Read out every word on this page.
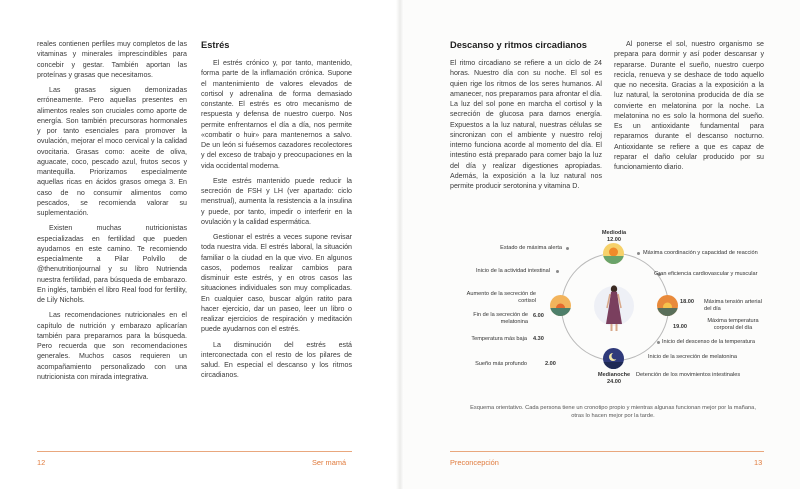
reales contienen perfiles muy completos de las vitaminas y minerales imprescindibles para concebir y gestar. También aportan las proteínas y grasas que necesitamos.

Las grasas siguen demonizadas erróneamente. Pero aquellas presentes en alimentos reales son cruciales como aporte de energía. Son también precursoras hormonales y por tanto esenciales para promover la ovulación, mejorar el moco cervical y la calidad ovocitaria. Grasas como: aceite de oliva, aguacate, coco, pescado azul, frutos secos y mantequilla. Priorizamos especialmente aquellas ricas en ácidos grasos omega 3. En caso de no consumir alimentos como pescados, se recomienda valorar su suplementación.

Existen muchas nutricionistas especializadas en fertilidad que pueden ayudarnos en este camino. Te recomiendo especialmente a Pilar Polvillo de @thenutritionjournal y su libro Nutrienda nuestra fertilidad, para búsqueda de embarazo. En inglés, también el libro Real food for fertility, de Lily Nichols.

Las recomendaciones nutricionales en el capítulo de nutrición y embarazo aplicarían también para prepararnos para la búsqueda. Pero recuerda que son recomendaciones generales. Muchos casos requieren un acompañamiento personalizado con una nutricionista con mirada integrativa.

Estrés

El estrés crónico y, por tanto, mantenido, forma parte de la inflamación crónica. Supone el mantenimiento de valores elevados de cortisol y adrenalina de forma demasiado constante. El estrés es otro mecanismo de respuesta y defensa de nuestro cuerpo. Nos permite enfrentarnos el día a día, nos permite «combatir o huir» para mantenernos a salvo. De un león si fuésemos cazadores recolectores y del exceso de trabajo y preocupaciones en la vida occidental moderna.

Este estrés mantenido puede reducir la secreción de FSH y LH (ver apartado: ciclo menstrual), aumenta la resistencia a la insulina y puede, por tanto, impedir o interferir en la ovulación y la calidad espermática.

Gestionar el estrés a veces supone revisar toda nuestra vida. El estrés laboral, la situación familiar o la ciudad en la que vivo. En algunos casos, podemos realizar cambios para disminuir este estrés, y en otros casos las situaciones individuales son muy complicadas. En cualquier caso, buscar algún ratito para hacer ejercicio, dar un paseo, leer un libro o realizar ejercicios de respiración y meditación puede ayudarnos con el estrés.

La disminución del estrés está interconectada con el resto de los pilares de salud. En especial el descanso y los ritmos circadianos.

12	Ser mamá
Descanso y ritmos circadianos

El ritmo circadiano se refiere a un ciclo de 24 horas. Nuestro día con su noche. El sol es quien rige los ritmos de los seres humanos. Al amanecer, nos preparamos para afrontar el día. La luz del sol pone en marcha el cortisol y la secreción de glucosa para darnos energía. Expuestos a la luz natural, nuestras células se sincronizan con el ambiente y nuestro reloj interno funciona acorde al momento del día. El intestino está preparado para comer bajo la luz del día y realizar digestiones apropiadas. Además, la exposición a la luz natural nos permite producir serotonina y vitamina D.

Al ponerse el sol, nuestro organismo se prepara para dormir y así poder descansar y repararse. Durante el sueño, nuestro cuerpo recicla, renueva y se deshace de todo aquello que no necesita. Gracias a la exposición a la luz natural, la serotonina producida de día se convierte en melatonina por la noche. La melatonina no es solo la hormona del sueño. Es un antioxidante fundamental para repararnos durante el descanso nocturno. Antioxidante se refiere a que es capaz de reparar el daño celular producido por su funcionamiento diario.

Mediodía
12.00
Medianoche
24.00
Estado de máxima alerta
Inicio de la actividad intestinal
Aumento de la secreción de cortisol
Fin de la secreción de melatonina
6.00
Temperatura más baja 4.30
Sueño más profundo	2.00
Máxima coordinación y capacidad de reacción
Gran eficiencia cardiovascular y muscular
18.00 Máxima tensión arterial del día
19.00
Máxima temperatura corporal del día
Inicio del descenso de la temperatura
Inicio de la secreción de melatonina
Detención de los movimientos intestinales
Esquema orientativo. Cada persona tiene un cronotipo propio y mientras algunas funcionan mejor por la mañana, otras lo hacen mejor por la tarde.
Preconcepción	13
